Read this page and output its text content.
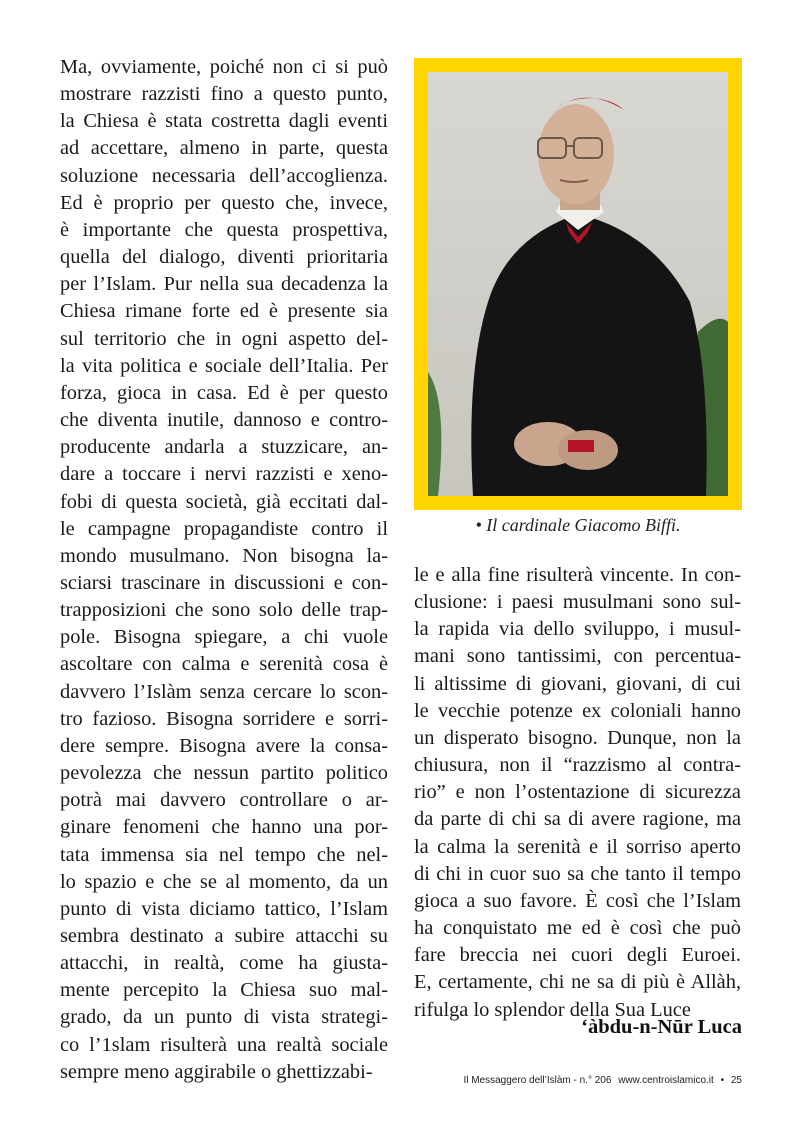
Ma, ovviamente, poiché non ci si può
mostrare razzisti fino a questo punto,
la Chiesa è stata costretta dagli eventi
ad accettare, almeno in parte, questa
soluzione necessaria dell’accoglienza.
Ed è proprio per questo che, invece,
è importante che questa prospettiva,
quella del dialogo, diventi prioritaria
per l’Islam. Pur nella sua decadenza la
Chiesa rimane forte ed è presente sia
sul territorio che in ogni aspetto del-
la vita politica e sociale dell’Italia. Per
forza, gioca in casa. Ed è per questo
che diventa inutile, dannoso e contro-
producente andarla a stuzzicare, an-
dare a toccare i nervi razzisti e xeno-
fobi di questa società, già eccitati dal-
le campagne propagandiste contro il
mondo musulmano. Non bisogna la-
sciarsi trascinare in discussioni e con-
trapposizioni che sono solo delle trap-
pole. Bisogna spiegare, a chi vuole
ascoltare con calma e serenità cosa è
davvero l’Islàm senza cercare lo scon-
tro fazioso. Bisogna sorridere e sorri-
dere sempre. Bisogna avere la consa-
pevolezza che nessun partito politico
potrà mai davvero controllare o ar-
ginare fenomeni che hanno una por-
tata immensa sia nel tempo che nel-
lo spazio e che se al momento, da un
punto di vista diciamo tattico, l’Islam
sembra destinato a subire attacchi su
attacchi, in realtà, come ha giusta-
mente percepito la Chiesa suo mal-
grado, da un punto di vista strategi-
co l’1slam risulterà una realtà sociale
sempre meno aggirabile o ghettizzabi-
• Il cardinale Giacomo Biffi.
le e alla fine risulterà vincente. In con-
clusione: i paesi musulmani sono sul-
la rapida via dello sviluppo, i musul-
mani sono tantissimi, con percentua-
li altissime di giovani, giovani, di cui
le vecchie potenze ex coloniali hanno
un disperato bisogno. Dunque, non la
chiusura, non il “razzismo al contra-
rio” e non l’ostentazione di sicurezza
da parte di chi sa di avere ragione, ma
la calma la serenità e il sorriso aperto
di chi in cuor suo sa che tanto il tempo
gioca a suo favore. È così che l’Islam
ha conquistato me ed è così che può
fare breccia nei cuori degli Euroei.
E, certamente, chi ne sa di più è Allàh,
rifulga lo splendor della Sua Luce
‘àbdu-n-Nūr Luca
Il Messaggero dell’Islàm - n.° 206 www.centroislamico.it • 25
